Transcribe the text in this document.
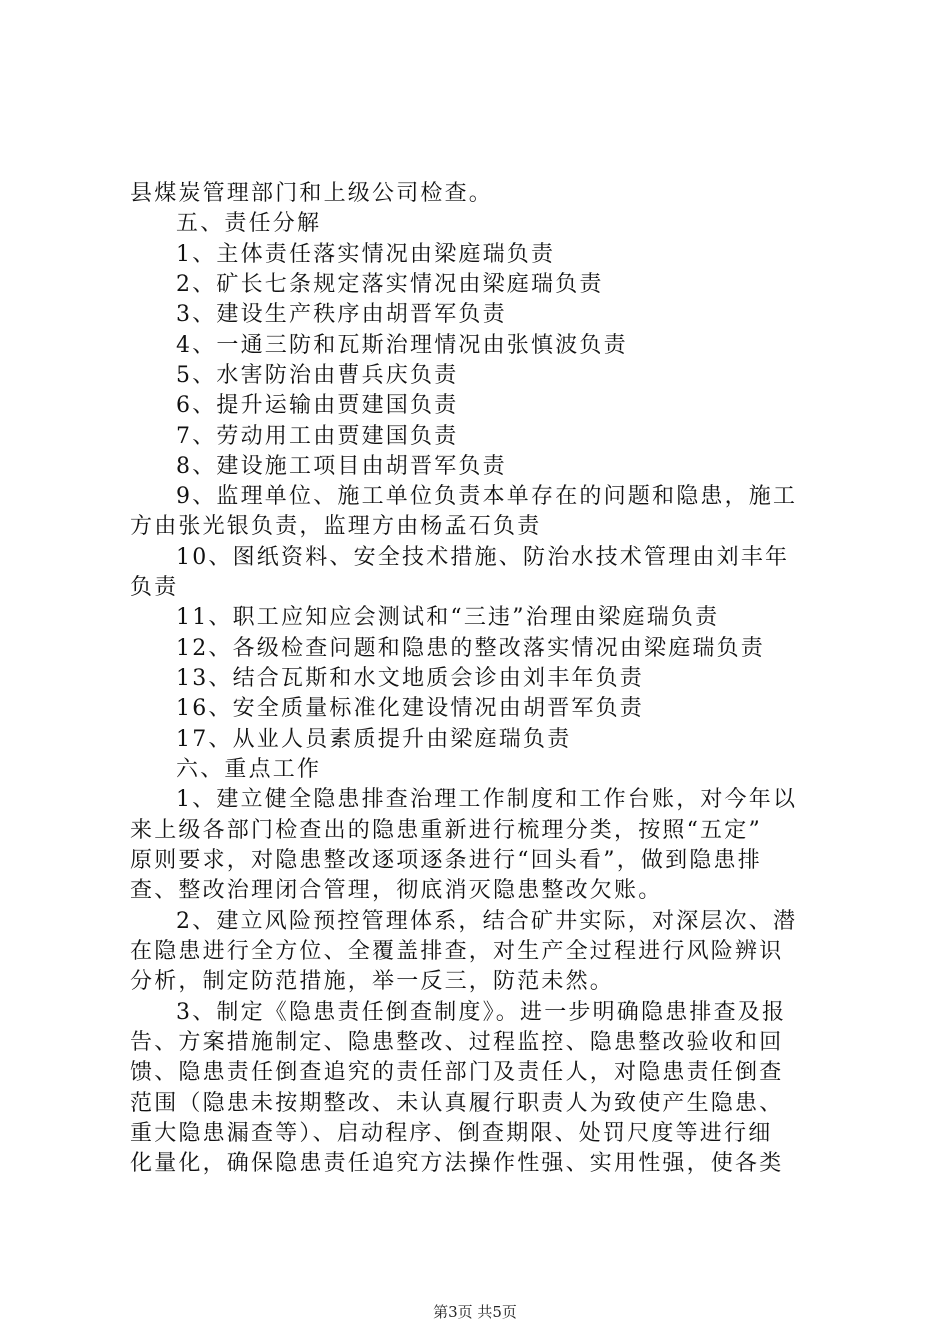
县煤炭管理部门和上级公司检查。
五、责任分解
1、主体责任落实情况由梁庭瑞负责
2、矿长七条规定落实情况由梁庭瑞负责
3、建设生产秩序由胡晋军负责
4、一通三防和瓦斯治理情况由张慎波负责
5、水害防治由曹兵庆负责
6、提升运输由贾建国负责
7、劳动用工由贾建国负责
8、建设施工项目由胡晋军负责
9、监理单位、施工单位负责本单存在的问题和隐患，施工
方由张光银负责，监理方由杨孟石负责
10、图纸资料、安全技术措施、防治水技术管理由刘丰年
负责
11、职工应知应会测试和“三违”治理由梁庭瑞负责
12、各级检查问题和隐患的整改落实情况由梁庭瑞负责
13、结合瓦斯和水文地质会诊由刘丰年负责
16、安全质量标准化建设情况由胡晋军负责
17、从业人员素质提升由梁庭瑞负责
六、重点工作
1、建立健全隐患排查治理工作制度和工作台账，对今年以
来上级各部门检查出的隐患重新进行梳理分类，按照“五定”
原则要求，对隐患整改逐项逐条进行“回头看”，做到隐患排
查、整改治理闭合管理，彻底消灭隐患整改欠账。
2、建立风险预控管理体系，结合矿井实际，对深层次、潜
在隐患进行全方位、全覆盖排查，对生产全过程进行风险辨识
分析，制定防范措施，举一反三，防范未然。
3、制定《隐患责任倒查制度》。进一步明确隐患排查及报
告、方案措施制定、隐患整改、过程监控、隐患整改验收和回
馈、隐患责任倒查追究的责任部门及责任人，对隐患责任倒查
范围（隐患未按期整改、未认真履行职责人为致使产生隐患、
重大隐患漏查等）、启动程序、倒查期限、处罚尺度等进行细
化量化，确保隐患责任追究方法操作性强、实用性强，使各类
第3页 共5页
